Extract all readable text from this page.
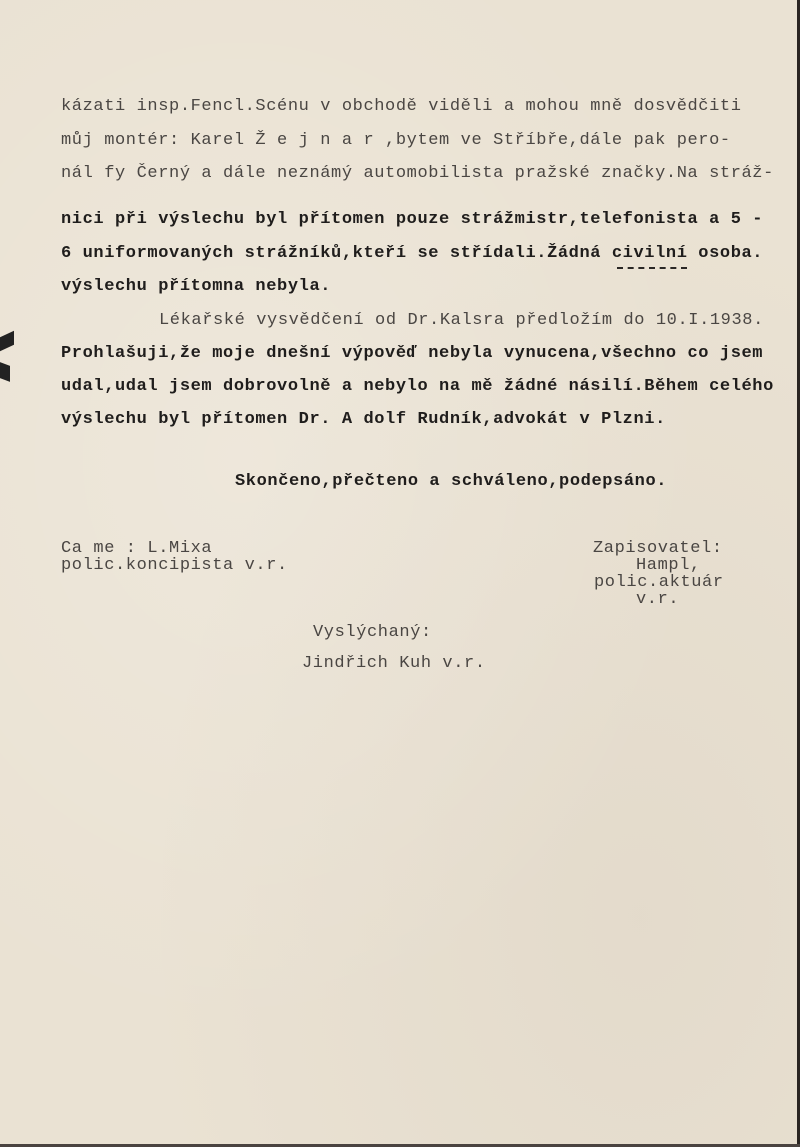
kázati insp.Fencl.Scénu v obchodě viděli a mohou mně dosvědčiti
můj montér: Karel Ž e j n a r ,bytem ve Stříbře,dále pak pero-
nál fy Černý a dále neznámý automobilista pražské značky.Na stráž-
nici při výslechu byl přítomen pouze strážmistr,telefonista a 5 -
6 uniformovaných strážníků,kteří se střídali.Žádná civilní osoba.
výslechu přítomna nebyla.
Lékařské vysvědčení od Dr.Kalsra předložím do 10.I.1938.
Prohlašuji,že moje dnešní výpověď nebyla vynucena,všechno co jsem
udal,udal jsem dobrovolně a nebylo na mě žádné násilí.Během celého
výslechu byl přítomen Dr. A dolf Rudník,advokát v Plzni.
Skončeno,přečteno a schváleno,podepsáno.
Ca me : L.Mixa
polic.koncipista v.r.
Zapisovatel:
Hampl,
polic.aktuár
v.r.
Vyslýchaný:
Jindřich Kuh v.r.
